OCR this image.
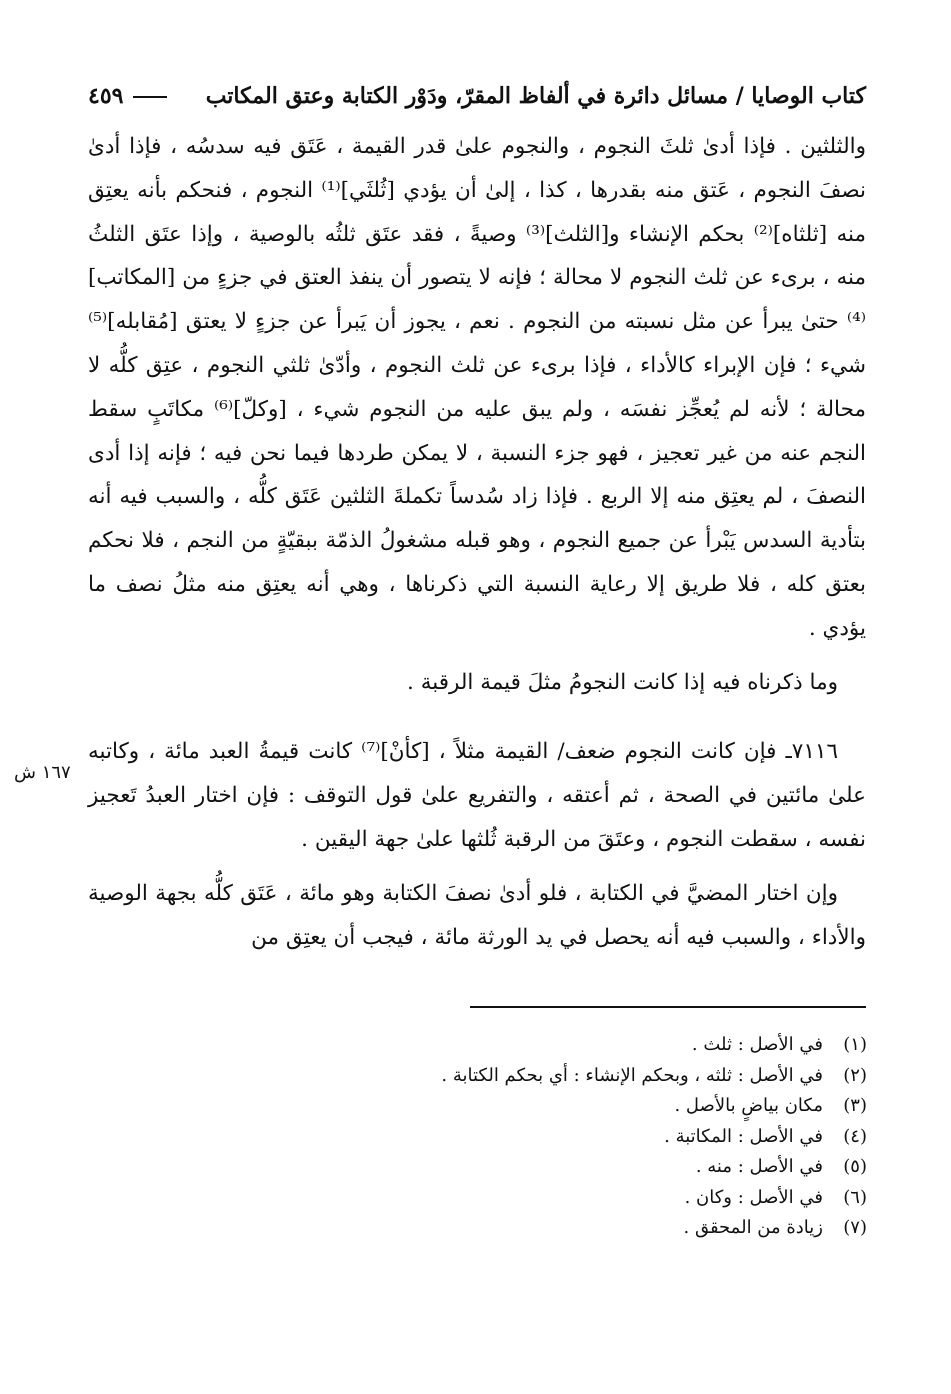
كتاب الوصايا / مسائل دائرة في ألفاظ المقرّ، ودَوْر الكتابة وعتق المكاتب
٤٥٩

والثلثين . فإذا أدىٰ ثلثَ النجوم ، والنجوم علىٰ قدر القيمة ، عَتَق فيه سدسُه ، فإذا أدىٰ نصفَ النجوم ، عَتق منه بقدرها ، كذا ، إلىٰ أن يؤدي [ثُلثَي]⁽¹⁾ النجوم ، فنحكم بأنه يعتِق منه [ثلثاه]⁽²⁾ بحكم الإنشاء و[الثلث]⁽³⁾ وصيةً ، فقد عتَق ثلثُه بالوصية ، وإذا عتَق الثلثُ منه ، برىء عن ثلث النجوم لا محالة ؛ فإنه لا يتصور أن ينفذ العتق في جزءٍ من [المكاتب]⁽⁴⁾ حتىٰ يبرأ عن مثل نسبته من النجوم . نعم ، يجوز أن يَبرأ عن جزءٍ لا يعتق [مُقابله]⁽⁵⁾ شيء ؛ فإن الإبراء كالأداء ، فإذا برىء عن ثلث النجوم ، وأدّىٰ ثلثي النجوم ، عتِق كلُّه لا محالة ؛ لأنه لم يُعجِّز نفسَه ، ولم يبق عليه من النجوم شيء ، [وكلّ]⁽⁶⁾ مكاتَبٍ سقط النجم عنه من غير تعجيز ، فهو جزء النسبة ، لا يمكن طردها فيما نحن فيه ؛ فإنه إذا أدى النصفَ ، لم يعتِق منه إلا الربع . فإذا زاد سُدساً تكملةَ الثلثين عَتَق كلُّه ، والسبب فيه أنه بتأدية السدس يَبْرأ عن جميع النجوم ، وهو قبله مشغولُ الذمّة ببقيّةٍ من النجم ، فلا نحكم بعتق كله ، فلا طريق إلا رعاية النسبة التي ذكرناها ، وهي أنه يعتِق منه مثلُ نصف ما يؤدي .

وما ذكرناه فيه إذا كانت النجومُ مثلَ قيمة الرقبة .

٧١١٦ـ فإن كانت النجوم ضعف/ القيمة مثلاً ، [كأنْ]⁽⁷⁾ كانت قيمةُ العبد مائة ، وكاتبه علىٰ مائتين في الصحة ، ثم أعتقه ، والتفريع علىٰ قول التوقف : فإن اختار العبدُ تَعجيز نفسه ، سقطت النجوم ، وعتَقَ من الرقبة ثُلثها علىٰ جهة اليقين .

وإن اختار المضيَّ في الكتابة ، فلو أدىٰ نصفَ الكتابة وهو مائة ، عَتَق كلُّه بجهة الوصية والأداء ، والسبب فيه أنه يحصل في يد الورثة مائة ، فيجب أن يعتِق من

١٦٧ ش
(١)
في الأصل : ثلث .
(٢)
في الأصل : ثلثه ، وبحكم الإنشاء : أي بحكم الكتابة .
(٣)
مكان بياضٍ بالأصل .
(٤)
في الأصل : المكاتبة .
(٥)
في الأصل : منه .
(٦)
في الأصل : وكان .
(٧)
زيادة من المحقق .
